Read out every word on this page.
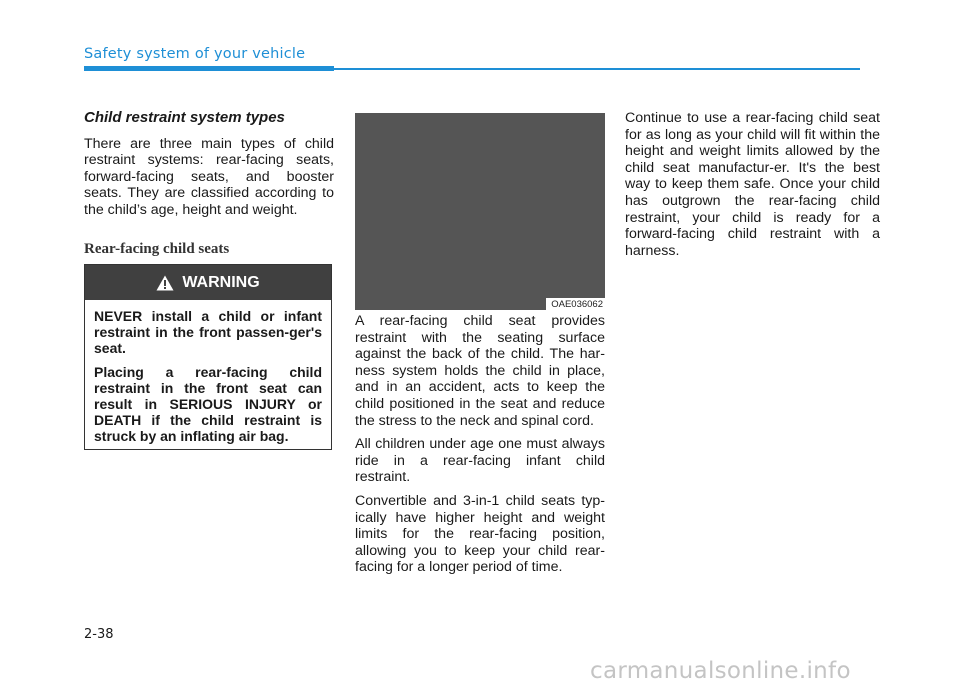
Safety system of your vehicle
Child restraint system types

There are three main types of child restraint systems: rear-facing seats, forward-facing seats, and booster seats. They are classified according to the child’s age, height and weight.

Rear-facing child seats
WARNING

NEVER install a child or infant restraint in the front passen-ger's seat.

Placing a rear-facing child restraint in the front seat can result in SERIOUS INJURY or DEATH if the child restraint is struck by an inflating air bag.

OAE036062

A rear-facing child seat provides restraint with the seating surface against the back of the child. The har-ness system holds the child in place, and in an accident, acts to keep the child positioned in the seat and reduce the stress to the neck and spinal cord.

All children under age one must always ride in a rear-facing infant child restraint.

Convertible and 3-in-1 child seats typ-ically have higher height and weight limits for the rear-facing position, allowing you to keep your child rear-facing for a longer period of time.

Continue to use a rear-facing child seat for as long as your child will fit within the height and weight limits allowed by the child seat manufactur-er. It's the best way to keep them safe. Once your child has outgrown the rear-facing child restraint, your child is ready for a forward-facing child restraint with a harness.

2-38
carmanualsonline.info
